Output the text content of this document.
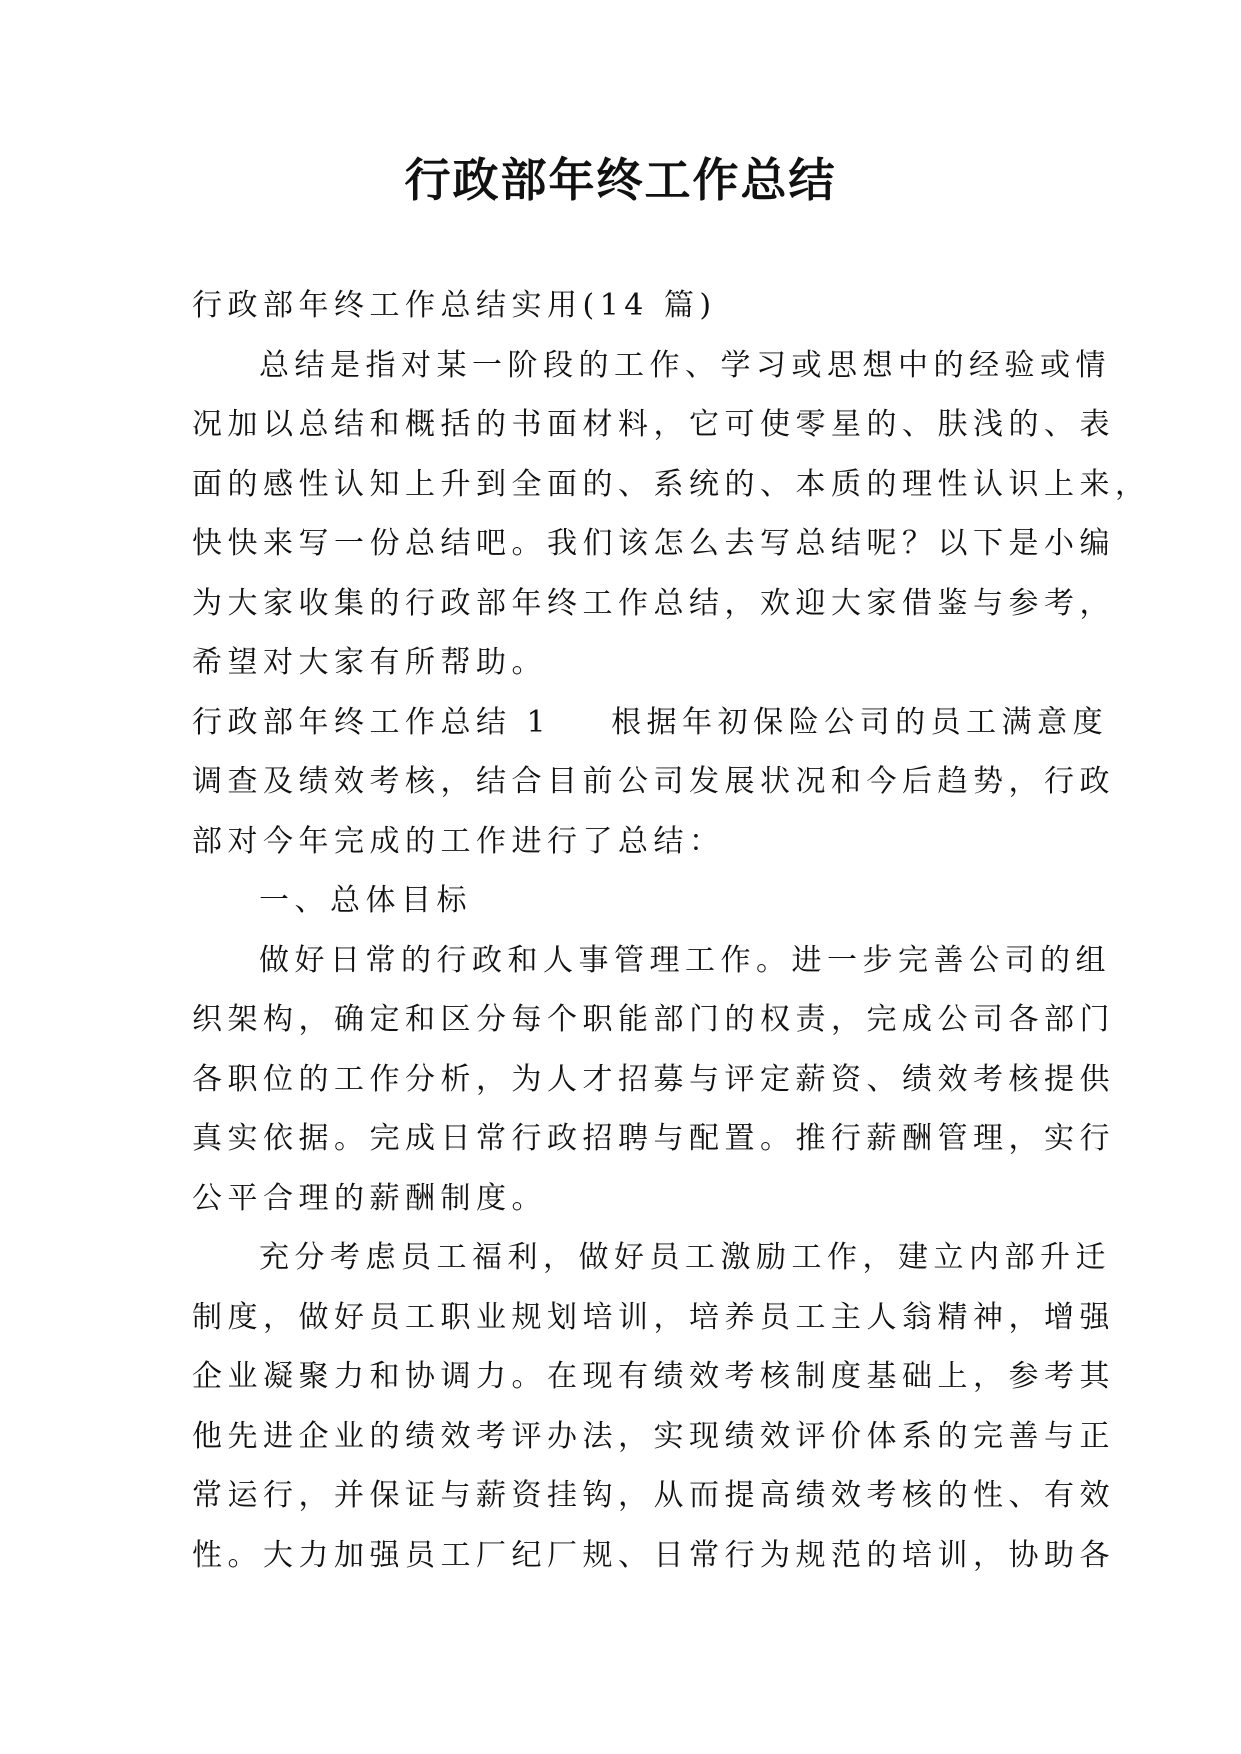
行政部年终工作总结
行政部年终工作总结实用(14 篇)
总结是指对某一阶段的工作、学习或思想中的经验或情
况加以总结和概括的书面材料，它可使零星的、肤浅的、表
面的感性认知上升到全面的、系统的、本质的理性认识上来，
快快来写一份总结吧。我们该怎么去写总结呢？以下是小编
为大家收集的行政部年终工作总结，欢迎大家借鉴与参考，
希望对大家有所帮助。
行政部年终工作总结 1 根据年初保险公司的员工满意度
调查及绩效考核，结合目前公司发展状况和今后趋势，行政
部对今年完成的工作进行了总结：
一、总体目标
做好日常的行政和人事管理工作。进一步完善公司的组
织架构，确定和区分每个职能部门的权责，完成公司各部门
各职位的工作分析，为人才招募与评定薪资、绩效考核提供
真实依据。完成日常行政招聘与配置。推行薪酬管理，实行
公平合理的薪酬制度。
充分考虑员工福利，做好员工激励工作，建立内部升迁
制度，做好员工职业规划培训，培养员工主人翁精神，增强
企业凝聚力和协调力。在现有绩效考核制度基础上，参考其
他先进企业的绩效考评办法，实现绩效评价体系的完善与正
常运行，并保证与薪资挂钩，从而提高绩效考核的性、有效
性。大力加强员工厂纪厂规、日常行为规范的培训，协助各
